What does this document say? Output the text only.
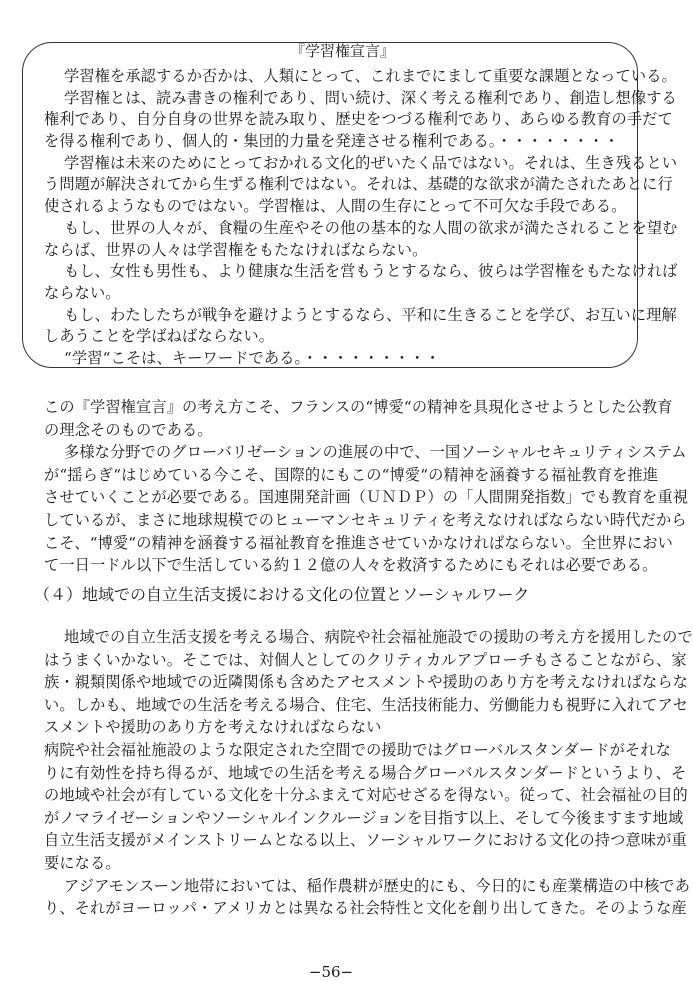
『学習権宣言』
学習権を承認するか否かは、人類にとって、これまでにまして重要な課題となっている。
学習権とは、読み書きの権利であり、問い続け、深く考える権利であり、創造し想像する
権利であり、自分自身の世界を読み取り、歴史をつづる権利であり、あらゆる教育の手だて
を得る権利であり、個人的・集団的力量を発達させる権利である。・・・・・・・・
学習権は未来のためにとっておかれる文化的ぜいたく品ではない。それは、生き残るとい
う問題が解決されてから生ずる権利ではない。それは、基礎的な欲求が満たされたあとに行
使されるようなものではない。学習権は、人間の生存にとって不可欠な手段である。
もし、世界の人々が、食糧の生産やその他の基本的な人間の欲求が満たされることを望む
ならば、世界の人々は学習権をもたなければならない。
もし、女性も男性も、より健康な生活を営もうとするなら、彼らは学習権をもたなければ
ならない。
もし、わたしたちが戦争を避けようとするなら、平和に生きることを学び、お互いに理解
しあうことを学ばねばならない。
“学習“こそは、キーワードである。・・・・・・・・・
この『学習権宣言』の考え方こそ、フランスの“博愛“の精神を具現化させようとした公教育
の理念そのものである。
多様な分野でのグローバリゼーションの進展の中で、一国ソーシャルセキュリティシステム
が“揺らぎ“はじめている今こそ、国際的にもこの“博愛“の精神を涵養する福祉教育を推進
させていくことが必要である。国連開発計画（ＵＮＤＰ）の「人間開発指数」でも教育を重視
しているが、まさに地球規模でのヒューマンセキュリティを考えなければならない時代だから
こそ、“博愛“の精神を涵養する福祉教育を推進させていかなければならない。全世界におい
て一日一ドル以下で生活している約１２億の人々を救済するためにもそれは必要である。
（４）地域での自立生活支援における文化の位置とソーシャルワーク
地域での自立生活支援を考える場合、病院や社会福祉施設での援助の考え方を援用したので
はうまくいかない。そこでは、対個人としてのクリティカルアプローチもさることながら、家
族・親類関係や地域での近隣関係も含めたアセスメントや援助のあり方を考えなければならな
い。しかも、地域での生活を考える場合、住宅、生活技術能力、労働能力も視野に入れてアセ
スメントや援助のあり方を考えなければならない
病院や社会福祉施設のような限定された空間での援助ではグローバルスタンダードがそれな
りに有効性を持ち得るが、地域での生活を考える場合グローバルスタンダードというより、そ
の地域や社会が有している文化を十分ふまえて対応せざるを得ない。従って、社会福祉の目的
がノマライゼーションやソーシャルインクルージョンを目指す以上、そして今後ますます地域
自立生活支援がメインストリームとなる以上、ソーシャルワークにおける文化の持つ意味が重
要になる。
アジアモンスーン地帯においては、稲作農耕が歴史的にも、今日的にも産業構造の中核であ
り、それがヨーロッパ・アメリカとは異なる社会特性と文化を創り出してきた。そのような産
−56−
